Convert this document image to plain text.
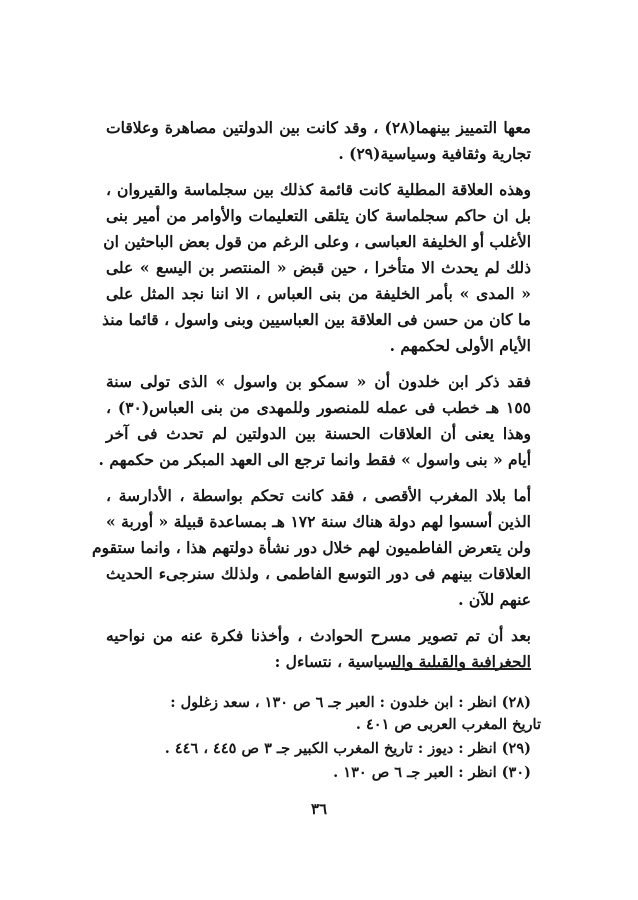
معها التمييز بينهما(٢٨) ، وقد كانت بين الدولتين مصاهرة وعلاقات
تجارية وثقافية وسياسية(٢٩) .
وهذه العلاقة المطلية كانت قائمة كذلك بين سجلماسة والقيروان ،
بل ان حاكم سجلماسة كان يتلقى التعليمات والأوامر من أمير بنى
الأغلب أو الخليفة العباسى ، وعلى الرغم من قول بعض الباحثين ان
ذلك لم يحدث الا متأخرا ، حين قبض « المنتصر بن اليسع » على
« المدى » بأمر الخليفة من بنى العباس ، الا اننا نجد المثل على
ما كان من حسن فى العلاقة بين العباسيين وبنى واسول ، قائما منذ
الأيام الأولى لحكمهم .
فقد ذكر ابن خلدون أن « سمكو بن واسول » الذى تولى سنة
١٥٥ هـ خطب فى عمله للمنصور وللمهدى من بنى العباس(٣٠) ،
وهذا يعنى أن العلاقات الحسنة بين الدولتين لم تحدث فى آخر
أيام « بنى واسول » فقط وانما ترجع الى العهد المبكر من حكمهم .
أما بلاد المغرب الأقصى ، فقد كانت تحكم بواسطة ، الأدارسة ،
الذين أسسوا لهم دولة هناك سنة ١٧٢ هـ بمساعدة قبيلة « أوربة »
ولن يتعرض الفاطميون لهم خلال دور نشأة دولتهم هذا ، وانما ستقوم
العلاقات بينهم فى دور التوسع الفاطمى ، ولذلك سنرجىء الحديث
عنهم للآن .
بعد أن تم تصوير مسرح الحوادث ، وأخذنا فكرة عنه من نواحيه
الجغرافية والقبلية والسياسية ، نتساءل :
(٢٨) انظر : ابن خلدون : العبر جـ ٦ ص ١٣٠ ، سعد زغلول :
تاريخ المغرب العربى ص ٤٠١ .
(٢٩) انظر : ديوز : تاريخ المغرب الكبير جـ ٣ ص ٤٤٥ ، ٤٤٦ .
(٣٠) انظر : العبر جـ ٦ ص ١٣٠ .
٣٦
